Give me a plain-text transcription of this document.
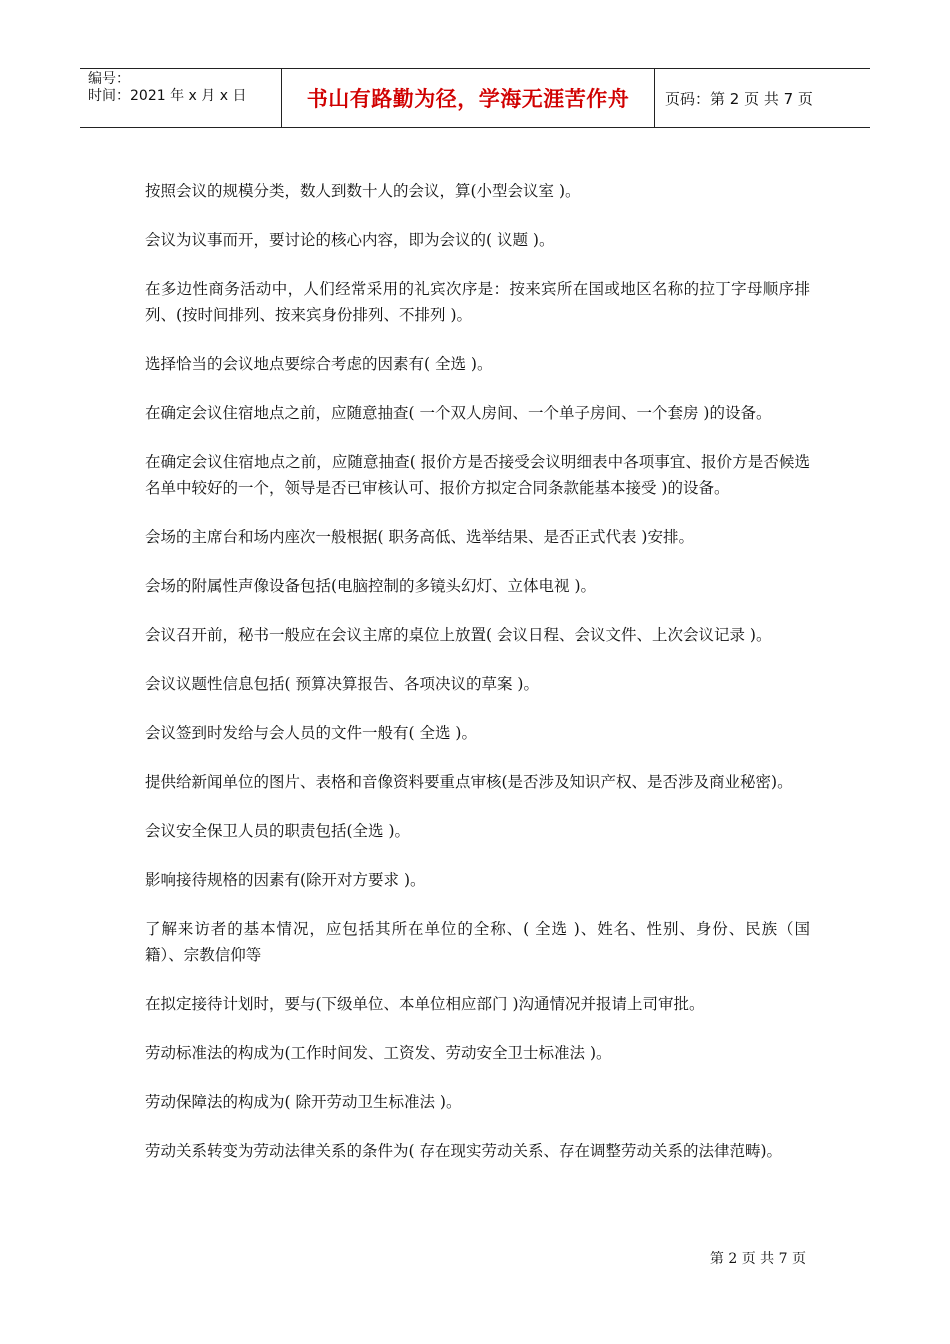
编号：
时间：2021 年 x 月 x 日	书山有路勤为径，学海无涯苦作舟	页码：第 2 页 共 7 页

按照会议的规模分类，数人到数十人的会议，算(小型会议室 )。

会议为议事而开，要讨论的核心内容，即为会议的( 议题 )。

在多边性商务活动中，人们经常采用的礼宾次序是：按来宾所在国或地区名称的拉丁字母顺序排列、(按时间排列、按来宾身份排列、不排列 )。

选择恰当的会议地点要综合考虑的因素有( 全选 )。

在确定会议住宿地点之前，应随意抽查( 一个双人房间、一个单子房间、一个套房 )的设备。

在确定会议住宿地点之前，应随意抽查( 报价方是否接受会议明细表中各项事宜、报价方是否候选名单中较好的一个，领导是否已审核认可、报价方拟定合同条款能基本接受 )的设备。

会场的主席台和场内座次一般根据( 职务高低、选举结果、是否正式代表 )安排。

会场的附属性声像设备包括(电脑控制的多镜头幻灯、立体电视 )。

会议召开前，秘书一般应在会议主席的桌位上放置( 会议日程、会议文件、上次会议记录 )。

会议议题性信息包括( 预算决算报告、各项决议的草案 )。

会议签到时发给与会人员的文件一般有( 全选 )。

提供给新闻单位的图片、表格和音像资料要重点审核(是否涉及知识产权、是否涉及商业秘密)。

会议安全保卫人员的职责包括(全选 )。

影响接待规格的因素有(除开对方要求 )。

了解来访者的基本情况，应包括其所在单位的全称、( 全选 )、姓名、性别、身份、民族（国籍）、宗教信仰等

在拟定接待计划时，要与(下级单位、本单位相应部门 )沟通情况并报请上司审批。

劳动标准法的构成为(工作时间发、工资发、劳动安全卫士标准法 )。

劳动保障法的构成为( 除开劳动卫生标准法 )。

劳动关系转变为劳动法律关系的条件为( 存在现实劳动关系、存在调整劳动关系的法律范畴)。

第 2 页 共 7 页
